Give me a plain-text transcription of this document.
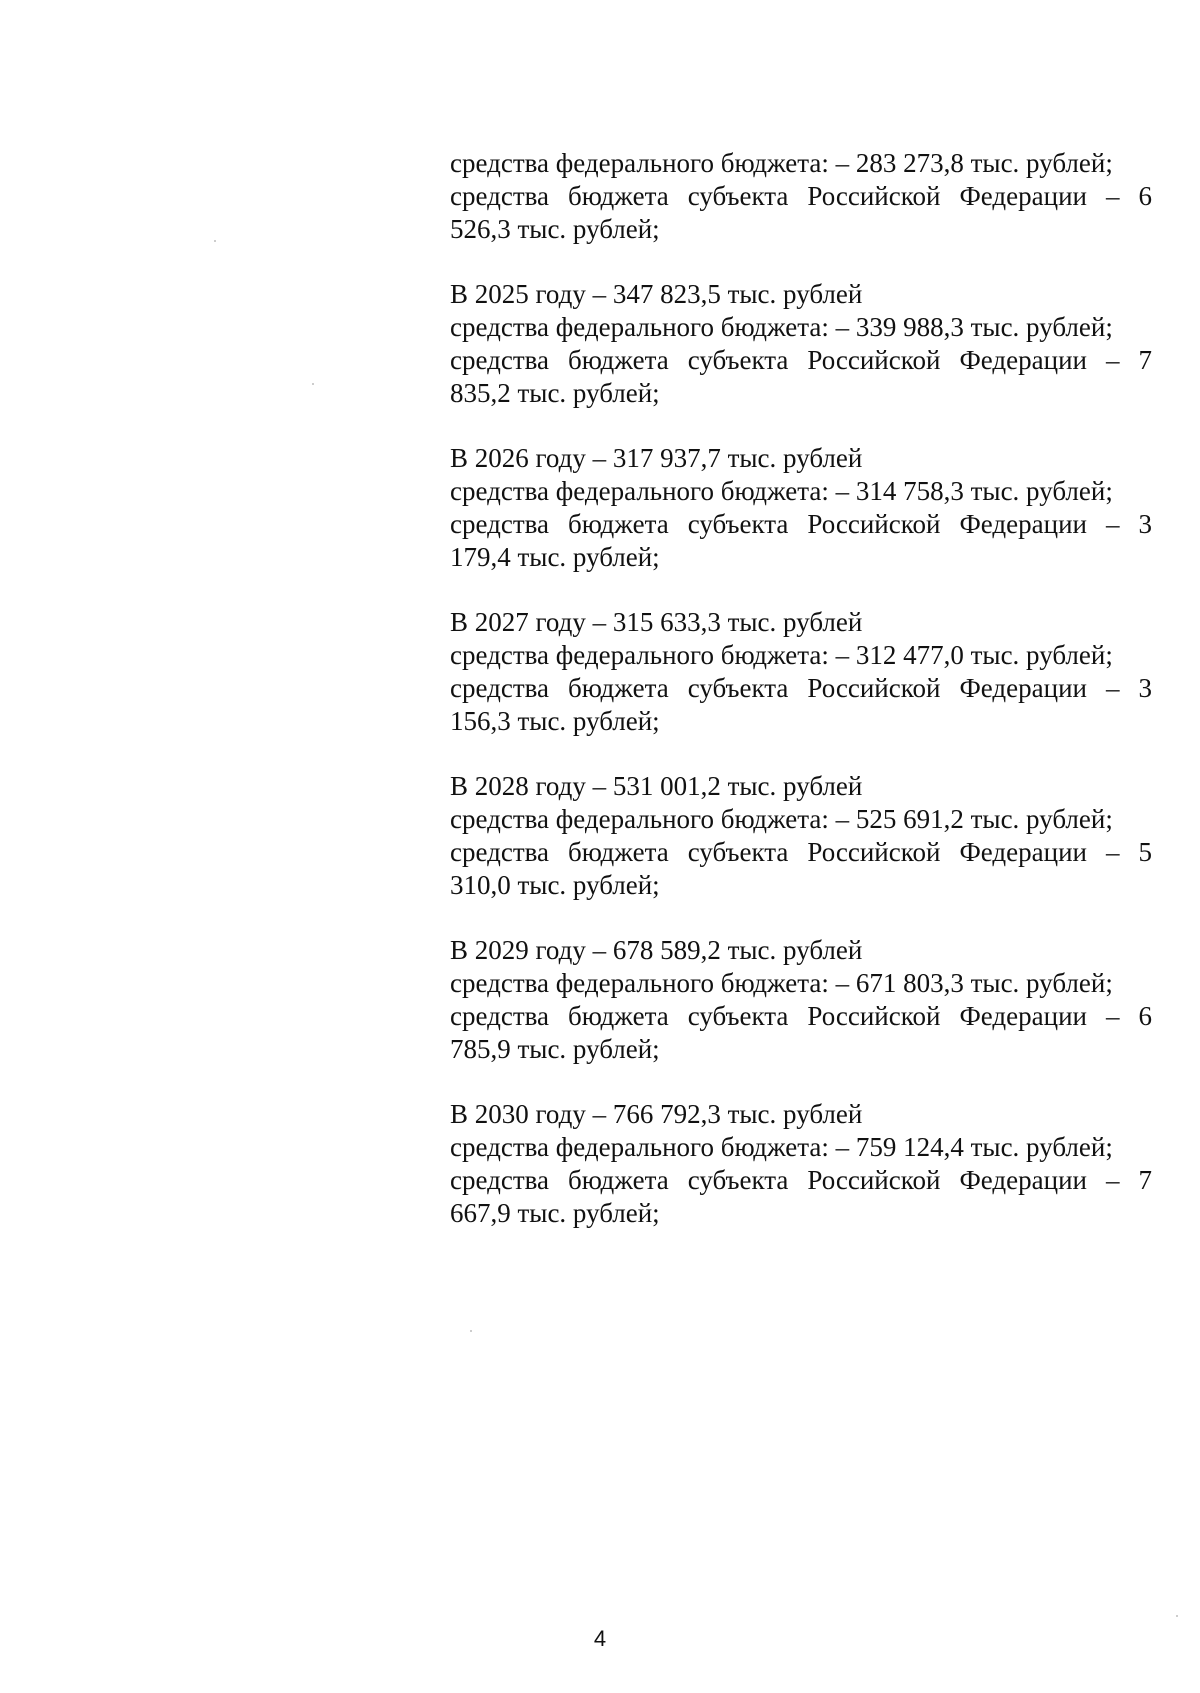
средства федерального бюджета: – 283 273,8 тыс. рублей;
средства бюджета субъекта Российской Федерации – 6
526,3 тыс. рублей;
В 2025 году – 347 823,5 тыс. рублей
средства федерального бюджета: – 339 988,3 тыс. рублей;
средства бюджета субъекта Российской Федерации – 7
835,2 тыс. рублей;
В 2026 году – 317 937,7 тыс. рублей
средства федерального бюджета: – 314 758,3 тыс. рублей;
средства бюджета субъекта Российской Федерации – 3
179,4 тыс. рублей;
В 2027 году – 315 633,3 тыс. рублей
средства федерального бюджета: – 312 477,0 тыс. рублей;
средства бюджета субъекта Российской Федерации – 3
156,3 тыс. рублей;
В 2028 году – 531 001,2 тыс. рублей
средства федерального бюджета: – 525 691,2 тыс. рублей;
средства бюджета субъекта Российской Федерации – 5
310,0 тыс. рублей;
В 2029 году – 678 589,2 тыс. рублей
средства федерального бюджета: – 671 803,3 тыс. рублей;
средства бюджета субъекта Российской Федерации – 6
785,9 тыс. рублей;
В 2030 году – 766 792,3 тыс. рублей
средства федерального бюджета: – 759 124,4 тыс. рублей;
средства бюджета субъекта Российской Федерации – 7
667,9 тыс. рублей;
4
